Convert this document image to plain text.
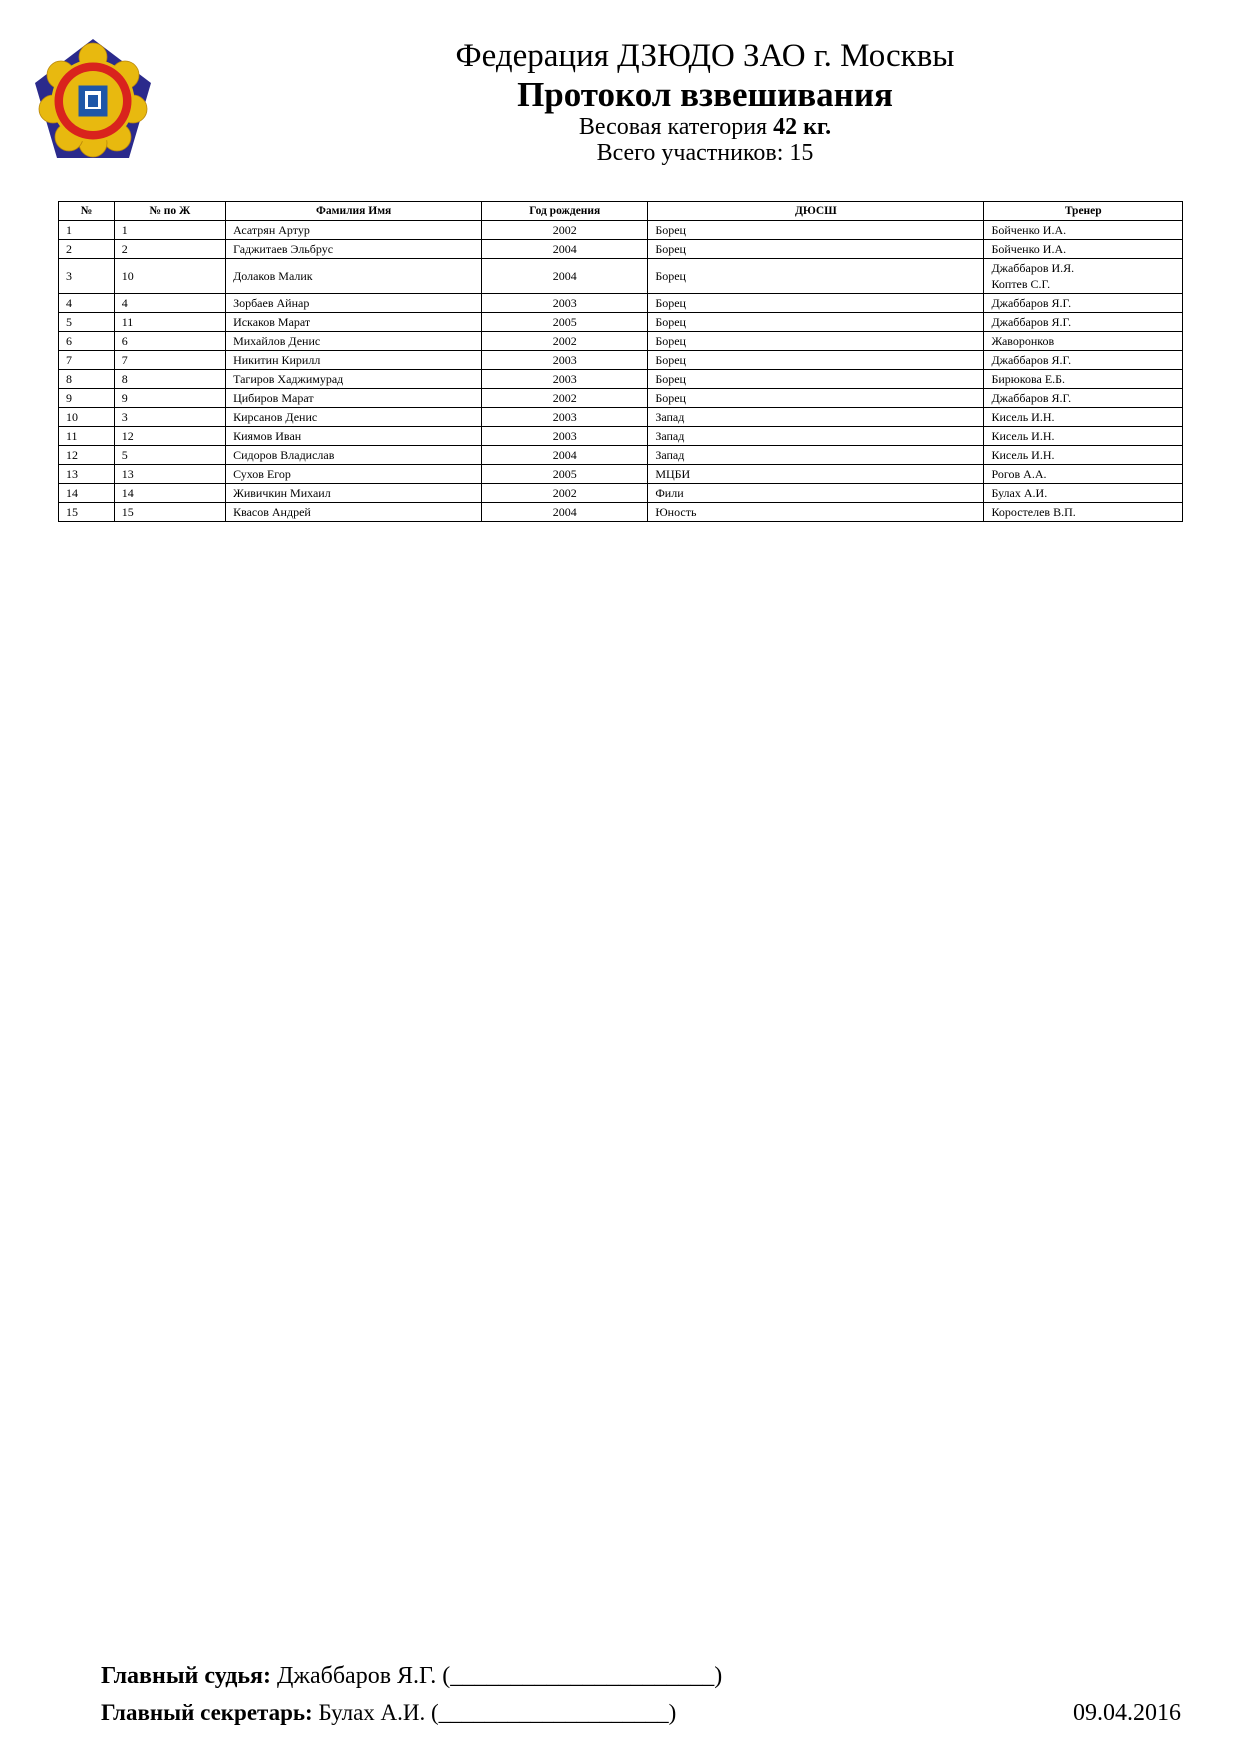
Федерация ДЗЮДО ЗАО г. Москвы
Протокол взвешивания
Весовая категория 42 кг.
Всего участников: 15
№	№ по Ж	Фамилия Имя	Год рождения	ДЮСШ	Тренер
1	1	Асатрян Артур	2002	Борец	Бойченко И.А.
2	2	Гаджитаев Эльбрус	2004	Борец	Бойченко И.А.
3	10	Долаков Малик	2004	Борец	Джаббаров И.Я.
Коптев С.Г.

4	4	Зорбаев Айнар	2003	Борец	Джаббаров Я.Г.
5	11	Искаков Марат	2005	Борец	Джаббаров Я.Г.
6	6	Михайлов Денис	2002	Борец	Жаворонков
7	7	Никитин Кирилл	2003	Борец	Джаббаров Я.Г.
8	8	Тагиров Хаджимурад	2003	Борец	Бирюкова Е.Б.
9	9	Цибиров Марат	2002	Борец	Джаббаров Я.Г.
10	3	Кирсанов Денис	2003	Запад	Кисель И.Н.
11	12	Киямов Иван	2003	Запад	Кисель И.Н.
12	5	Сидоров Владислав	2004	Запад	Кисель И.Н.
13	13	Сухов Егор	2005	МЦБИ	Рогов А.А.
14	14	Живичкин Михаил	2002	Фили	Булах А.И.
15	15	Квасов Андрей	2004	Юность	Коростелев В.П.
Главный судья: Джаббаров Я.Г. (______________________)
Главный секретарь: Булах А.И. (____________________)	09.04.2016
